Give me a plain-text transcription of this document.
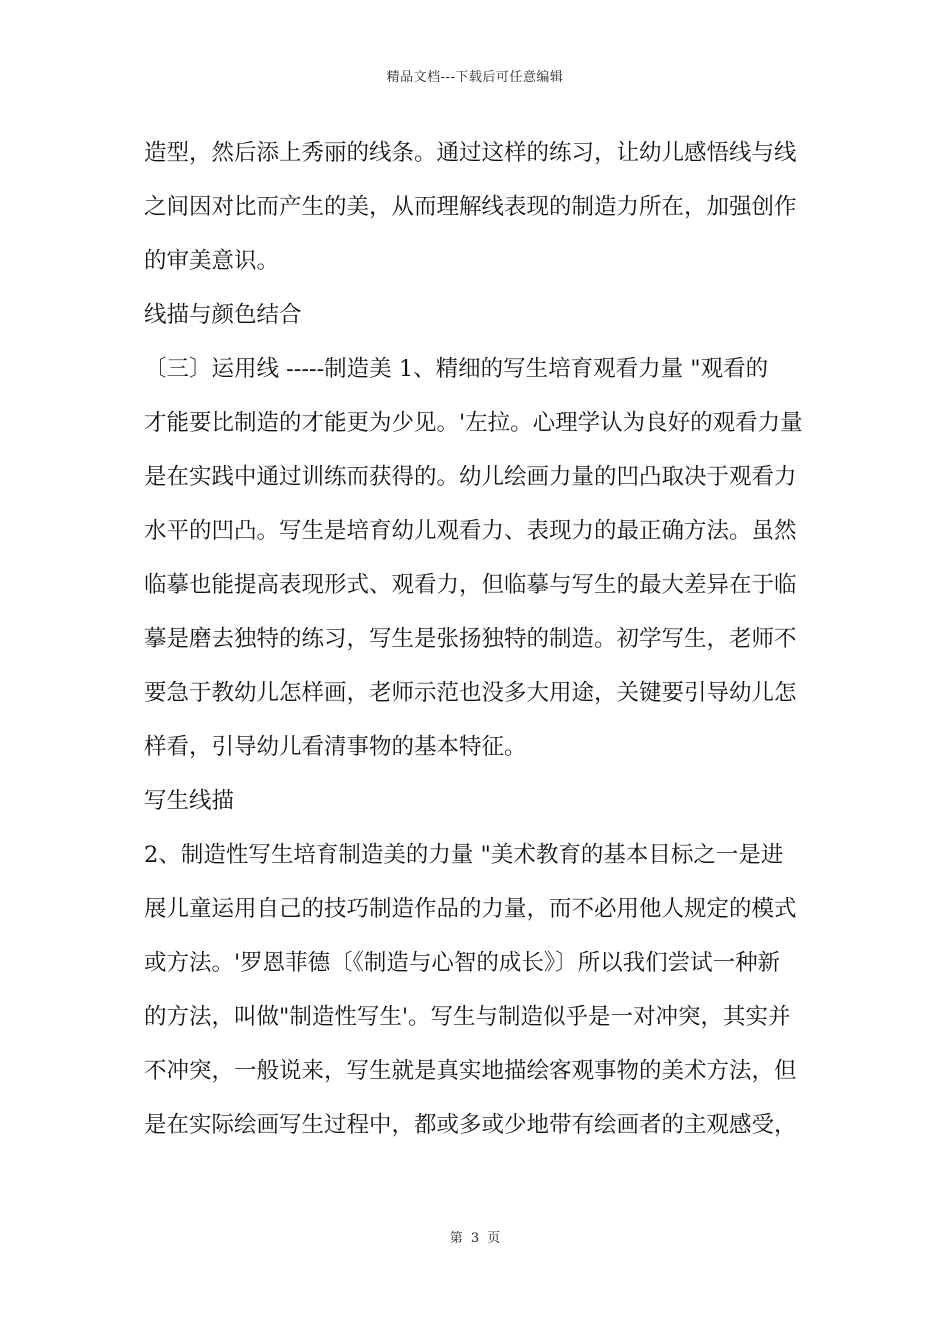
精品文档---下载后可任意编辑
造型，然后添上秀丽的线条。通过这样的练习，让幼儿感悟线与线
之间因对比而产生的美，从而理解线表现的制造力所在，加强创作
的审美意识。
线描与颜色结合
〔三〕运用线 -----制造美 1、精细的写生培育观看力量 "观看的
才能要比制造的才能更为少见。'左拉。心理学认为良好的观看力量
是在实践中通过训练而获得的。幼儿绘画力量的凹凸取决于观看力
水平的凹凸。写生是培育幼儿观看力、表现力的最正确方法。虽然
临摹也能提高表现形式、观看力，但临摹与写生的最大差异在于临
摹是磨去独特的练习，写生是张扬独特的制造。初学写生，老师不
要急于教幼儿怎样画，老师示范也没多大用途，关键要引导幼儿怎
样看，引导幼儿看清事物的基本特征。
写生线描
2、制造性写生培育制造美的力量 "美术教育的基本目标之一是进
展儿童运用自己的技巧制造作品的力量，而不必用他人规定的模式
或方法。'罗恩菲德〔《制造与心智的成长》〕所以我们尝试一种新
的方法，叫做"制造性写生'。写生与制造似乎是一对冲突，其实并
不冲突，一般说来，写生就是真实地描绘客观事物的美术方法，但
是在实际绘画写生过程中，都或多或少地带有绘画者的主观感受，
第 3 页
